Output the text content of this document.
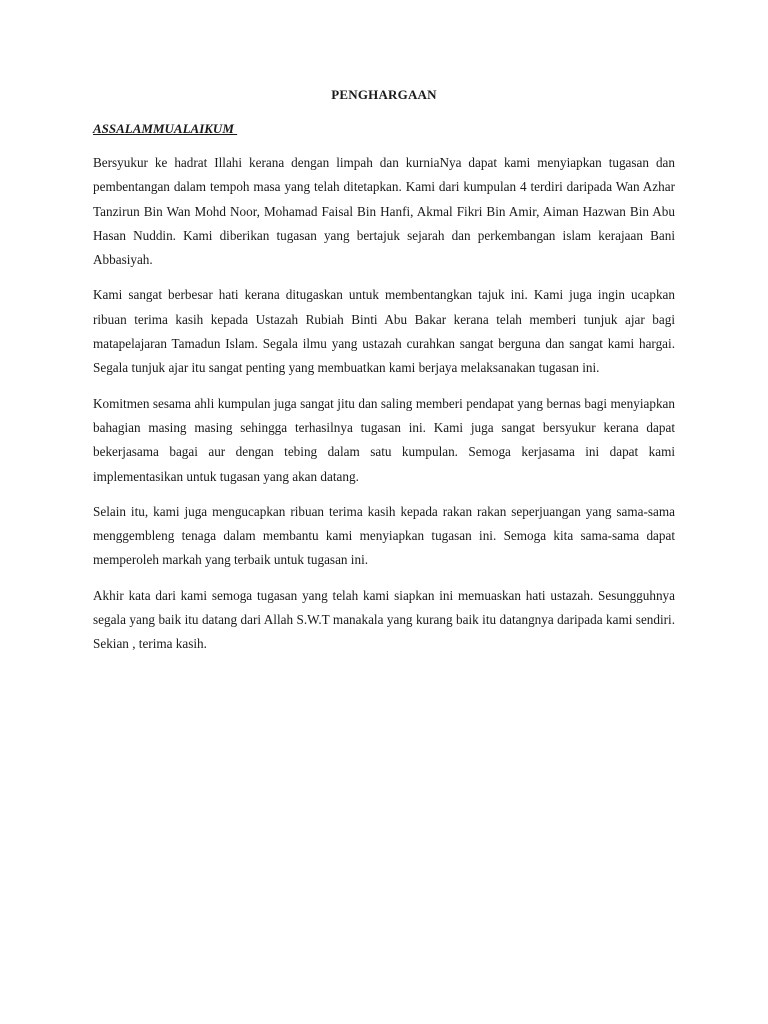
PENGHARGAAN
ASSALAMMUALAIKUM

Bersyukur ke hadrat Illahi kerana dengan limpah dan kurniaNya dapat kami menyiapkan tugasan dan pembentangan dalam tempoh masa yang telah ditetapkan. Kami dari kumpulan 4 terdiri daripada Wan Azhar Tanzirun Bin Wan Mohd Noor, Mohamad Faisal Bin Hanfi, Akmal Fikri Bin Amir, Aiman Hazwan Bin Abu Hasan Nuddin. Kami diberikan tugasan yang bertajuk sejarah dan perkembangan islam kerajaan Bani Abbasiyah.

Kami sangat berbesar hati kerana ditugaskan untuk membentangkan tajuk ini. Kami juga ingin ucapkan ribuan terima kasih kepada Ustazah Rubiah Binti Abu Bakar kerana telah memberi tunjuk ajar bagi matapelajaran Tamadun Islam. Segala ilmu yang ustazah curahkan sangat berguna dan sangat kami hargai. Segala tunjuk ajar itu sangat penting yang membuatkan kami berjaya melaksanakan tugasan ini.

Komitmen sesama ahli kumpulan juga sangat jitu dan saling memberi pendapat yang bernas bagi menyiapkan bahagian masing masing sehingga terhasilnya tugasan ini. Kami juga sangat bersyukur kerana dapat bekerjasama bagai aur dengan tebing dalam satu kumpulan. Semoga kerjasama ini dapat kami implementasikan untuk tugasan yang akan datang.

Selain itu, kami juga mengucapkan ribuan terima kasih kepada rakan rakan seperjuangan yang sama-sama menggembleng tenaga dalam membantu kami menyiapkan tugasan ini. Semoga kita sama-sama dapat memperoleh markah yang terbaik untuk tugasan ini.

Akhir kata dari kami semoga tugasan yang telah kami siapkan ini memuaskan hati ustazah. Sesungguhnya segala yang baik itu datang dari Allah S.W.T manakala yang kurang baik itu datangnya daripada kami sendiri. Sekian , terima kasih.
